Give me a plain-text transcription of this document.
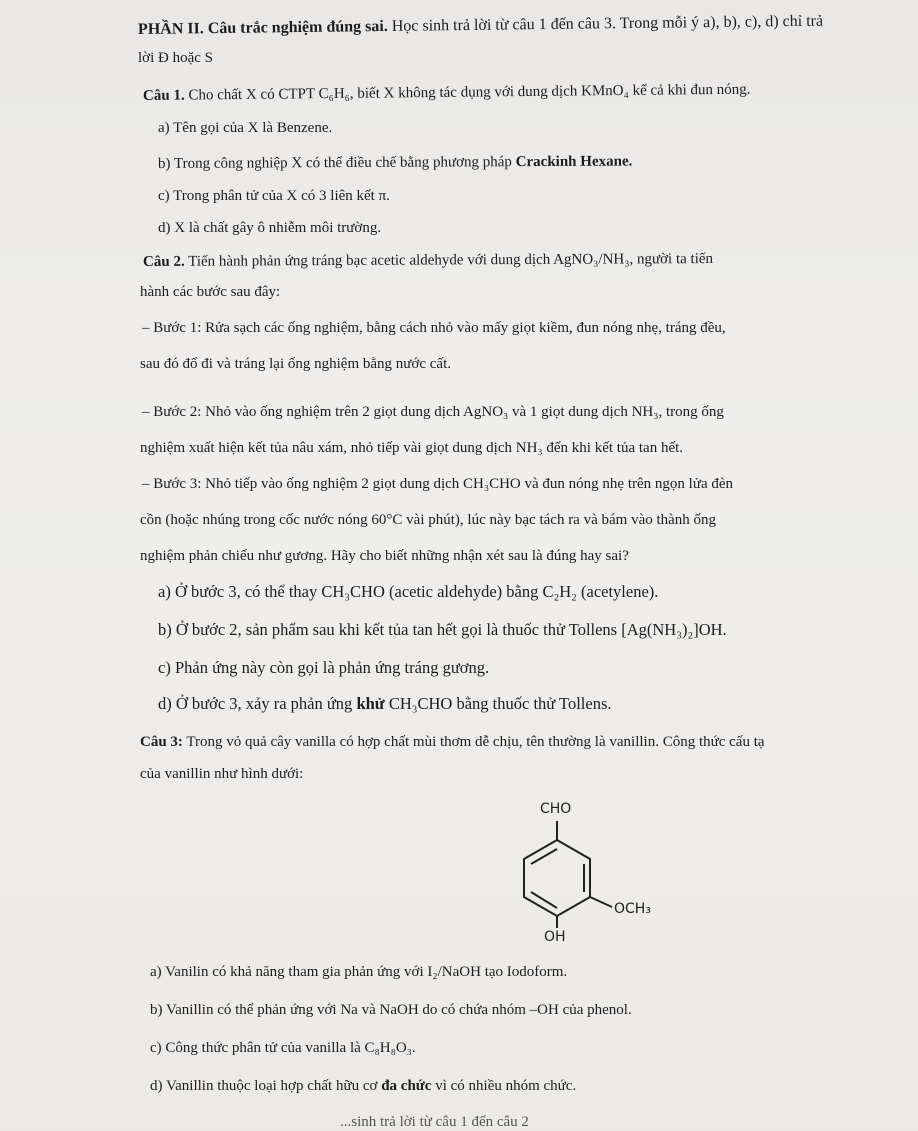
PHẦN II. Câu trắc nghiệm đúng sai. Học sinh trả lời từ câu 1 đến câu 3. Trong mỗi ý a), b), c), d) chỉ trả
lời Đ hoặc S
Câu 1. Cho chất X có CTPT C₆H₆, biết X không tác dụng với dung dịch KMnO₄ kể cả khi đun nóng.
a) Tên gọi của X là Benzene.
b) Trong công nghiệp X có thể điều chế bằng phương pháp Crackinh Hexane.
c) Trong phân tử của X có 3 liên kết π.
d) X là chất gây ô nhiễm môi trường.
Câu 2. Tiến hành phản ứng tráng bạc acetic aldehyde với dung dịch AgNO₃/NH₃, người ta tiến
hành các bước sau đây:
– Bước 1: Rửa sạch các ống nghiệm, bằng cách nhỏ vào mấy giọt kiềm, đun nóng nhẹ, tráng đều,
sau đó đổ đi và tráng lại ống nghiệm bằng nước cất.
– Bước 2: Nhỏ vào ống nghiệm trên 2 giọt dung dịch AgNO₃ và 1 giọt dung dịch NH₃, trong ống
nghiệm xuất hiện kết tủa nâu xám, nhỏ tiếp vài giọt dung dịch NH₃ đến khi kết tủa tan hết.
– Bước 3: Nhỏ tiếp vào ống nghiệm 2 giọt dung dịch CH₃CHO và đun nóng nhẹ trên ngọn lửa đèn
cồn (hoặc nhúng trong cốc nước nóng 60°C vài phút), lúc này bạc tách ra và bám vào thành ống
nghiệm phản chiếu như gương. Hãy cho biết những nhận xét sau là đúng hay sai?
a) Ở bước 3, có thể thay CH₃CHO (acetic aldehyde) bằng C₂H₂ (acetylene).
b) Ở bước 2, sản phẩm sau khi kết tủa tan hết gọi là thuốc thử Tollens [Ag(NH₃)₂]OH.
c) Phản ứng này còn gọi là phản ứng tráng gương.
d) Ở bước 3, xảy ra phản ứng khử CH₃CHO bằng thuốc thử Tollens.
Câu 3: Trong vỏ quả cây vanilla có hợp chất mùi thơm dễ chịu, tên thường là vanillin. Công thức cấu tạ
của vanillin như hình dưới:
CHO
OCH₃
OH
a) Vanilin có khả năng tham gia phản ứng với I₂/NaOH tạo Iodoform.
b) Vanillin có thể phản ứng với Na và NaOH do có chứa nhóm –OH của phenol.
c) Công thức phân tử của vanilla là C₈H₈O₃.
d) Vanillin thuộc loại hợp chất hữu cơ đa chức vì có nhiều nhóm chức.
...sinh trả lời từ câu 1 đến câu 2
